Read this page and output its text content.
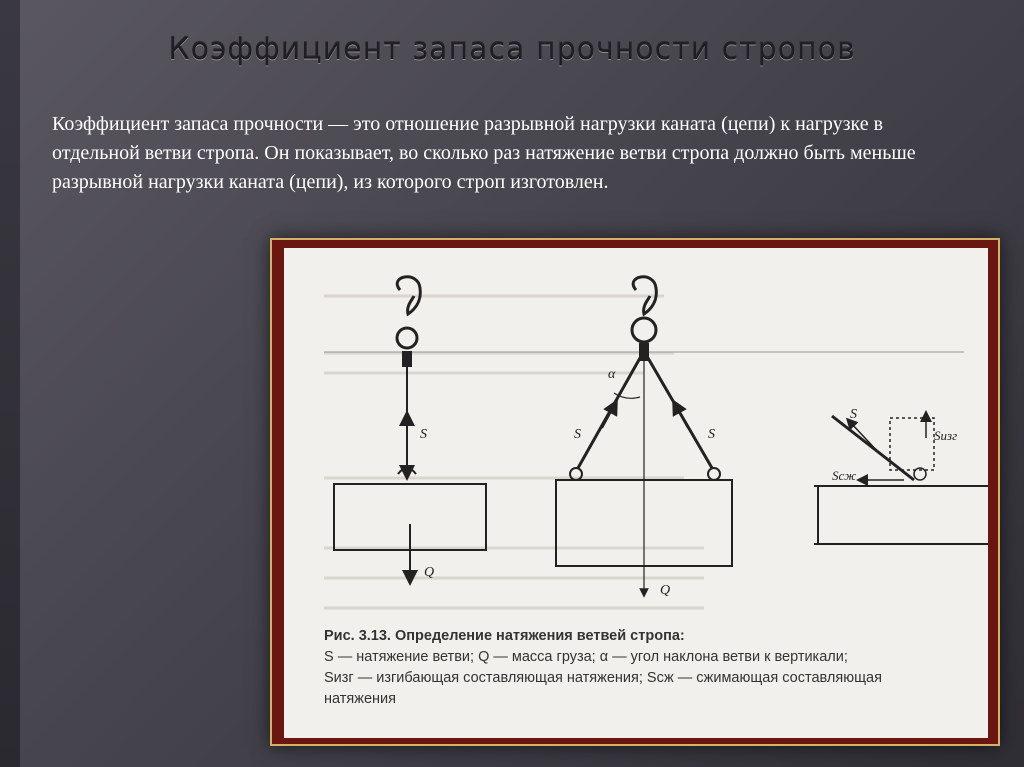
Коэффициент запаса прочности стропов
Коэффициент запаса прочности — это отношение разрывной нагрузки каната (цепи) к нагрузке в отдельной ветви стропа. Он показывает, во сколько раз натяжение ветви стропа должно быть меньше разрывной нагрузки каната (цепи), из которого строп изготовлен.
S
Q
α
S	S
Q
S
Sизг
Sсж
Рис. 3.13. Определение натяжения ветвей стропа:
S — натяжение ветви; Q — масса груза; α — угол наклона ветви к вертикали;
Sизг — изгибающая составляющая натяжения; Sсж — сжимающая составляющая
натяжения
